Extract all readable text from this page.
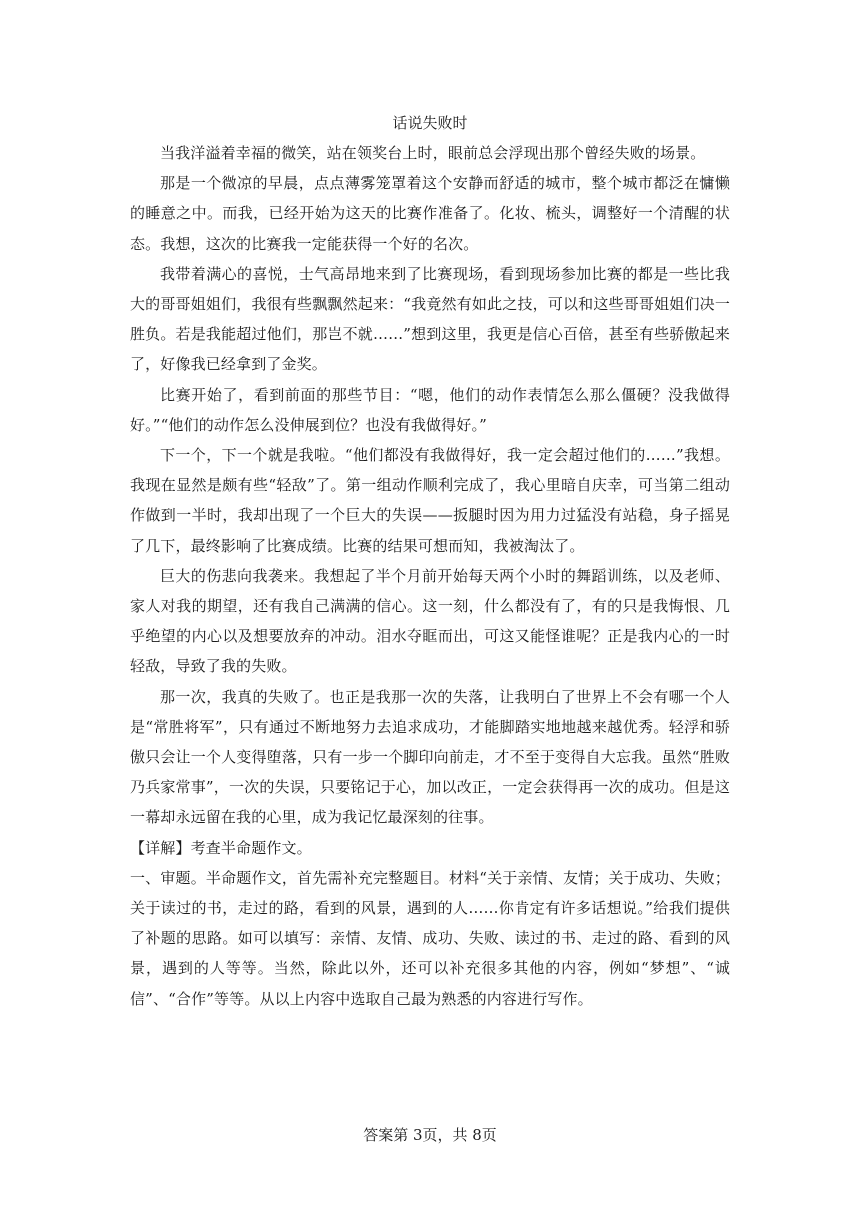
话说失败时

当我洋溢着幸福的微笑，站在领奖台上时，眼前总会浮现出那个曾经失败的场景。

那是一个微凉的早晨，点点薄雾笼罩着这个安静而舒适的城市，整个城市都泛在慵懒的睡意之中。而我，已经开始为这天的比赛作准备了。化妆、梳头，调整好一个清醒的状态。我想，这次的比赛我一定能获得一个好的名次。

我带着满心的喜悦，士气高昂地来到了比赛现场，看到现场参加比赛的都是一些比我大的哥哥姐姐们，我很有些飘飘然起来：“我竟然有如此之技，可以和这些哥哥姐姐们决一胜负。若是我能超过他们，那岂不就……”想到这里，我更是信心百倍，甚至有些骄傲起来了，好像我已经拿到了金奖。

比赛开始了，看到前面的那些节目：“嗯，他们的动作表情怎么那么僵硬？没我做得好。”“他们的动作怎么没伸展到位？也没有我做得好。”

下一个，下一个就是我啦。“他们都没有我做得好，我一定会超过他们的……”我想。我现在显然是颇有些“轻敌”了。第一组动作顺利完成了，我心里暗自庆幸，可当第二组动作做到一半时，我却出现了一个巨大的失误——扳腿时因为用力过猛没有站稳，身子摇晃了几下，最终影响了比赛成绩。比赛的结果可想而知，我被淘汰了。

巨大的伤悲向我袭来。我想起了半个月前开始每天两个小时的舞蹈训练，以及老师、家人对我的期望，还有我自己满满的信心。这一刻，什么都没有了，有的只是我悔恨、几乎绝望的内心以及想要放弃的冲动。泪水夺眶而出，可这又能怪谁呢？正是我内心的一时轻敌，导致了我的失败。

那一次，我真的失败了。也正是我那一次的失落，让我明白了世界上不会有哪一个人是“常胜将军”，只有通过不断地努力去追求成功，才能脚踏实地地越来越优秀。轻浮和骄傲只会让一个人变得堕落，只有一步一个脚印向前走，才不至于变得自大忘我。虽然“胜败乃兵家常事”，一次的失误，只要铭记于心，加以改正，一定会获得再一次的成功。但是这一幕却永远留在我的心里，成为我记忆最深刻的往事。

【详解】考查半命题作文。

一、审题。半命题作文，首先需补充完整题目。材料“关于亲情、友情；关于成功、失败；关于读过的书，走过的路，看到的风景，遇到的人……你肯定有许多话想说。”给我们提供了补题的思路。如可以填写：亲情、友情、成功、失败、读过的书、走过的路、看到的风景，遇到的人等等。当然，除此以外，还可以补充很多其他的内容，例如“梦想”、“诚信”、“合作”等等。从以上内容中选取自己最为熟悉的内容进行写作。

答案第 3页，共 8页
